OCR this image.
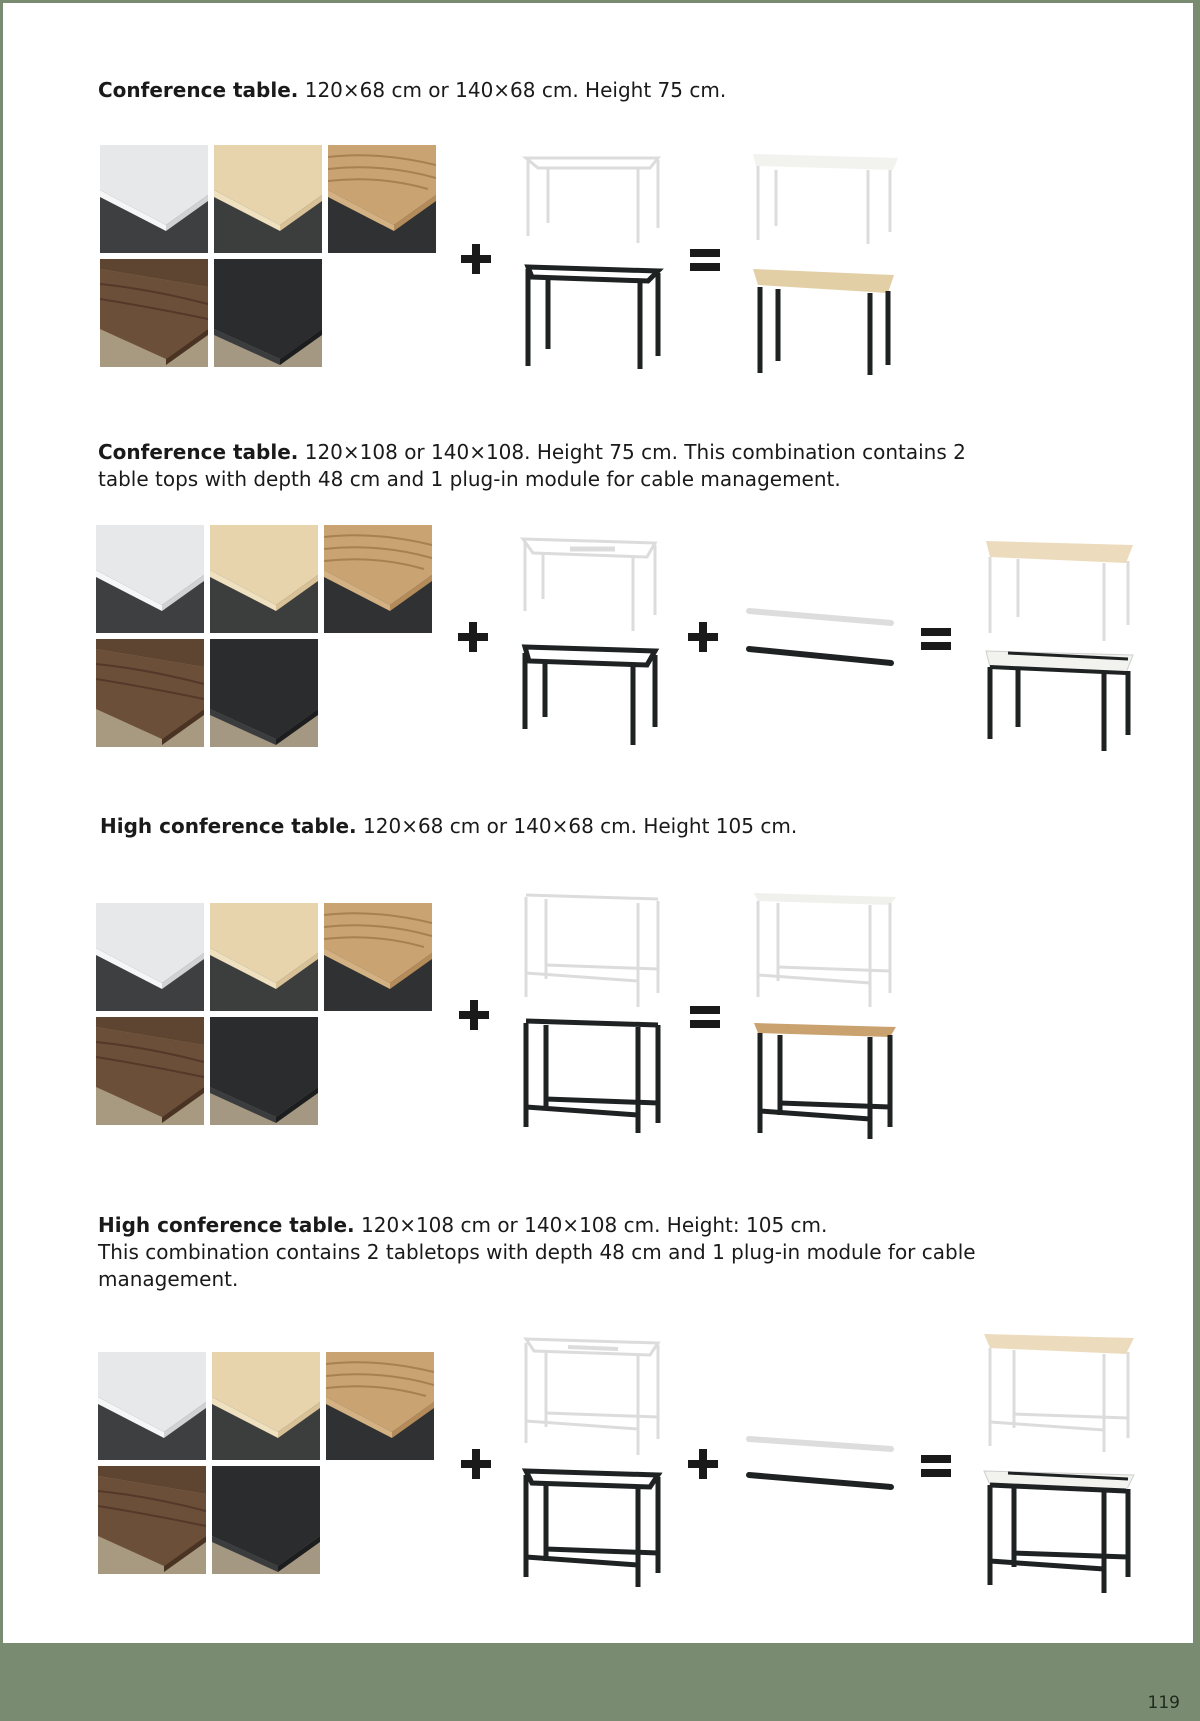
Conference table. 120×68 cm or 140×68 cm. Height 75 cm.
Conference table. 120×108 or 140×108. Height 75 cm. This combination contains 2
table tops with depth 48 cm and 1 plug-in module for cable management.
High conference table. 120×68 cm or 140×68 cm. Height 105 cm.
High conference table. 120×108 cm or 140×108 cm. Height: 105 cm.
This combination contains 2 tabletops with depth 48 cm and 1 plug-in module for cable
management.
119
